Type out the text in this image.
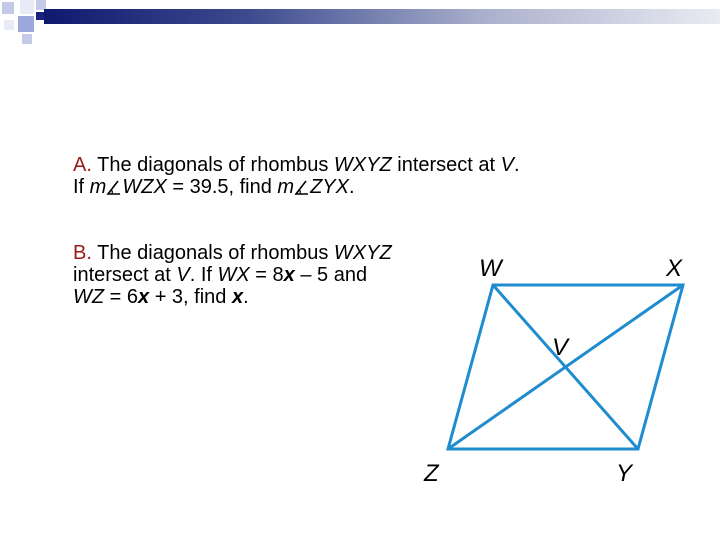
A. The diagonals of rhombus WXYZ intersect at V.
If m WZX = 39.5, find m ZYX.

B. The diagonals of rhombus WXYZ intersect at V. If WX = 8x – 5 and WZ = 6x + 3, find x.

W	X
V
Z	Y
